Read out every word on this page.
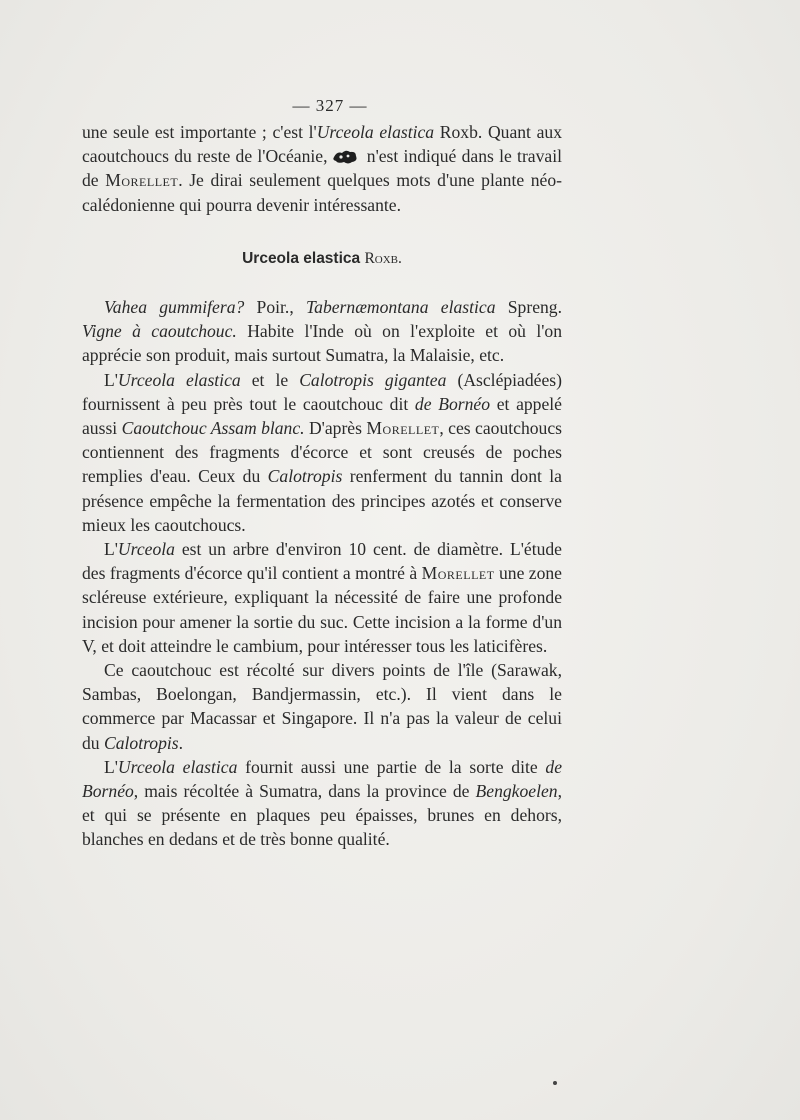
— 327 —

une seule est importante ; c'est l'Urceola elastica Roxb. Quant aux caoutchoucs du reste de l'Océanie, n'est indiqué dans le travail de Morellet. Je dirai seulement quelques mots d'une plante néo-calédonienne qui pourra devenir intéressante.

Urceola elastica Roxb.

Vahea gummifera? Poir., Tabernæmontana elastica Spreng. Vigne à caoutchouc. Habite l'Inde où on l'exploite et où l'on apprécie son produit, mais surtout Sumatra, la Malaisie, etc.

L'Urceola elastica et le Calotropis gigantea (Asclépiadées) fournissent à peu près tout le caoutchouc dit de Bornéo et appelé aussi Caoutchouc Assam blanc. D'après Morellet, ces caoutchoucs contiennent des fragments d'écorce et sont creusés de poches remplies d'eau. Ceux du Calotropis renferment du tannin dont la présence empêche la fermentation des principes azotés et conserve mieux les caoutchoucs.

L'Urceola est un arbre d'environ 10 cent. de diamètre. L'étude des fragments d'écorce qu'il contient a montré à Morellet une zone scléreuse extérieure, expliquant la nécessité de faire une profonde incision pour amener la sortie du suc. Cette incision a la forme d'un V, et doit atteindre le cambium, pour intéresser tous les laticifères.

Ce caoutchouc est récolté sur divers points de l'île (Sarawak, Sambas, Boelongan, Bandjermassin, etc.). Il vient dans le commerce par Macassar et Singapore. Il n'a pas la valeur de celui du Calotropis.

L'Urceola elastica fournit aussi une partie de la sorte dite de Bornéo, mais récoltée à Sumatra, dans la province de Bengkoelen, et qui se présente en plaques peu épaisses, brunes en dehors, blanches en dedans et de très bonne qualité.
